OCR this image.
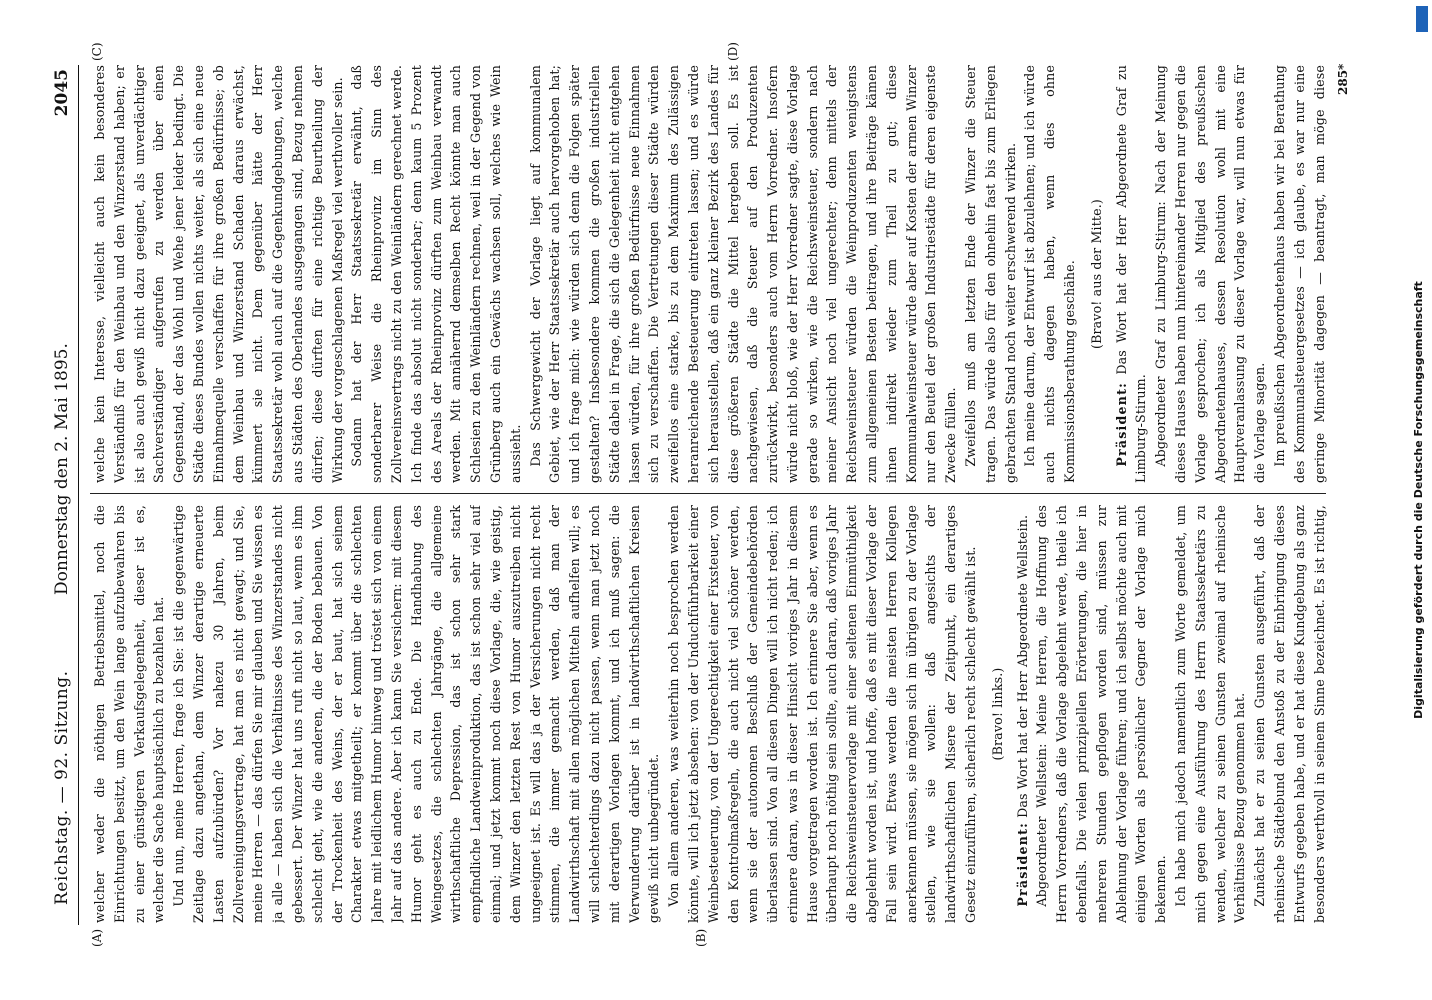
Reichstag. — 92. Sitzung.
Donnerstag den 2. Mai 1895.
2045
(A)	(B)
(C)	(D)

welcher weder die nöthigen Betriebsmittel, noch die Einrichtungen besitzt, um den Wein lange aufzubewahren bis zu einer günstigeren Verkaufsgelegenheit, dieser ist es, welcher die Sache hauptsächlich zu bezahlen hat. Und nun, meine Herren, frage ich Sie: ist die gegenwärtige Zeitlage dazu angethan, dem Winzer derartige erneuerte Lasten aufzubürden? Vor nahezu 30 Jahren, beim Zollvereinigungsvertrage, hat man es nicht gewagt; und Sie, meine Herren — das dürfen Sie mir glauben und Sie wissen es ja alle — haben sich die Verhältnisse des Winzerstandes nicht gebessert. Der Winzer hat uns ruft nicht so laut, wenn es ihm schlecht geht, wie die anderen, die der Boden bebauen. Von der Trockenheit des Weins, der er baut, hat sich seinem Charakter etwas mitgetheilt; er kommt über die schlechten Jahre mit leidlichem Humor hinweg und tröstet sich von einem Jahr auf das andere. Aber ich kann Sie versichern: mit diesem Humor geht es auch zu Ende. Die Handhabung des Weingesetzes, die schlechten Jahrgänge, die allgemeine wirthschaftliche Depression, das ist schon sehr stark empfindliche Landweinproduktion, das ist schon sehr viel auf einmal; und jetzt kommt noch diese Vorlage, die, wie geistig, dem Winzer den letzten Rest von Humor auszutreiben nicht ungeeignet ist. Es will das ja der Versicherungen nicht recht stimmen, die immer gemacht werden, daß man der Landwirthschaft mit allen möglichen Mitteln aufhelfen will; es will schlechterdings dazu nicht passen, wenn man jetzt noch mit derartigen Vorlagen kommt, und ich muß sagen: die Verwunderung darüber ist in landwirthschaftlichen Kreisen gewiß nicht unbegründet. Von allem anderen, was weiterhin noch besprochen werden könnte, will ich jetzt absehen: von der Unduchführbarkeit einer Weinbesteuerung, von der Ungerechtigkeit einer Fixsteuer, von den Kontrolmaßregeln, die auch nicht viel schöner werden, wenn sie der autonomen Beschluß der Gemeindebehörden überlassen sind. Von all diesen Dingen will ich nicht reden; ich erinnere daran, was in dieser Hinsicht voriges Jahr in diesem Hause vorgetragen worden ist. Ich erinnere Sie aber, wenn es überhaupt noch nöthig sein sollte, auch daran, daß voriges Jahr die Reichsweinsteuervorlage mit einer seltenen Einmüthigkeit abgelehnt worden ist, und hoffe, daß es mit dieser Vorlage der Fall sein wird. Etwas werden die meisten Herren Kollegen anerkennen müssen, sie mögen sich im übrigen zu der Vorlage stellen, wie sie wollen: daß angesichts der landwirthschaftlichen Misere der Zeitpunkt, ein derartiges Gesetz einzuführen, sicherlich recht schlecht gewählt ist. (Bravo! links.)

Präsident: Das Wort hat der Herr Abgeordnete Wellstein. Abgeordneter Wellstein: Meine Herren, die Hoffnung des Herrn Vorredners, daß die Vorlage abgelehnt werde, theile ich ebenfalls. Die vielen prinzipiellen Erörterungen, die hier in mehreren Stunden gepflogen worden sind, müssen zur Ablehnung der Vorlage führen; und ich selbst möchte auch mit einigen Worten als persönlicher Gegner der Vorlage mich bekennen. Ich habe mich jedoch namentlich zum Worte gemeldet, um mich gegen eine Ausführung des Herrn Staatssekretärs zu wenden, welcher zu seinen Gunsten zweimal auf rheinische Verhältnisse Bezug genommen hat. Zunächst hat er zu seinen Gunsten ausgeführt, daß der rheinische Städtebund den Anstoß zu der Einbringung dieses Entwurfs gegeben habe, und er hat diese Kundgebung als ganz besonders werthvoll in seinem Sinne bezeichnet. Es ist richtig,

welche kein Interesse, vielleicht auch kein besonderes Verständniß für den Weinbau und den Winzerstand haben; er ist also auch gewiß nicht dazu geeignet, als unverdächtiger Sachverständiger aufgerufen zu werden über einen Gegenstand, der das Wohl und Wehe jener leider bedingt. Die Städte dieses Bundes wollen nichts weiter, als sich eine neue Einnahmequelle verschaffen für ihre großen Bedürfnisse; ob dem Weinbau und Winzerstand Schaden daraus erwächst, kümmert sie nicht. Dem gegenüber hätte der Herr Staatssekretär wohl auch auf die Gegenkundgebungen, welche aus Städten des Oberlandes ausgegangen sind, Bezug nehmen dürfen; diese dürften für eine richtige Beurtheilung der Wirkung der vorgeschlagenen Maßregel viel werthvoller sein. Sodann hat der Herr Staatssekretär erwähnt, daß sonderbarer Weise die Rheinprovinz im Sinn des Zollvereinsvertrags nicht zu den Weinländern gerechnet werde. Ich finde das absolut nicht sonderbar; denn kaum 5 Prozent des Areals der Rheinprovinz dürften zum Weinbau verwandt werden. Mit annähernd demselben Recht könnte man auch Schlesien zu den Weinländern rechnen, weil in der Gegend von Grünberg auch ein Gewächs wachsen soll, welches wie Wein aussieht. Das Schwergewicht der Vorlage liegt auf kommunalem Gebiet, wie der Herr Staatssekretär auch hervorgehoben hat; und ich frage mich: wie würden sich denn die Folgen später gestalten? Insbesondere kommen die großen industriellen Städte dabei in Frage, die sich die Gelegenheit nicht entgehen lassen würden, für ihre großen Bedürfnisse neue Einnahmen sich zu verschaffen. Die Vertretungen dieser Städte würden zweifellos eine starke, bis zu dem Maximum des Zulässigen heranreichende Besteuerung eintreten lassen; und es würde sich herausstellen, daß ein ganz kleiner Bezirk des Landes für diese größeren Städte die Mittel hergeben soll. Es ist nachgewiesen, daß die Steuer auf den Produzenten zurückwirkt, besonders auch vom Herrn Vorredner. Insofern würde nicht bloß, wie der Herr Vorredner sagte, diese Vorlage gerade so wirken, wie die Reichsweinsteuer, sondern nach meiner Ansicht noch viel ungerechter; denn mittels der Reichsweinsteuer würden die Weinproduzenten wenigstens zum allgemeinen Besten beitragen, und ihre Beiträge kämen ihnen indirekt wieder zum Theil zu gut; diese Kommunalweinsteuer würde aber auf Kosten der armen Winzer nur den Beutel der großen Industriestädte für deren eigenste Zwecke füllen. Zweifellos muß am letzten Ende der Winzer die Steuer tragen. Das würde also für den ohnehin fast bis zum Erliegen gebrachten Stand noch weiter erschwerend wirken. Ich meine darum, der Entwurf ist abzulehnen; und ich würde auch nichts dagegen haben, wenn dies ohne Kommissionsberathung geschähe. (Bravo! aus der Mitte.)

Präsident: Das Wort hat der Herr Abgeordnete Graf zu Limburg-Stirum. Abgeordneter Graf zu Limburg-Stirum: Nach der Meinung dieses Hauses haben nun hintereinander Herren nur gegen die Vorlage gesprochen; ich als Mitglied des preußischen Abgeordnetenhauses, dessen Resolution wohl mit eine Hauptveranlassung zu dieser Vorlage war, will nun etwas für die Vorlage sagen. Im preußischen Abgeordnetenhaus haben wir bei Berathung des Kommunalsteuergesetzes — ich glaube, es war nur eine geringe Minorität dagegen — beantragt, man möge diese 285*
Digitalisierung gefördert durch die Deutsche Forschungsgemeinschaft
